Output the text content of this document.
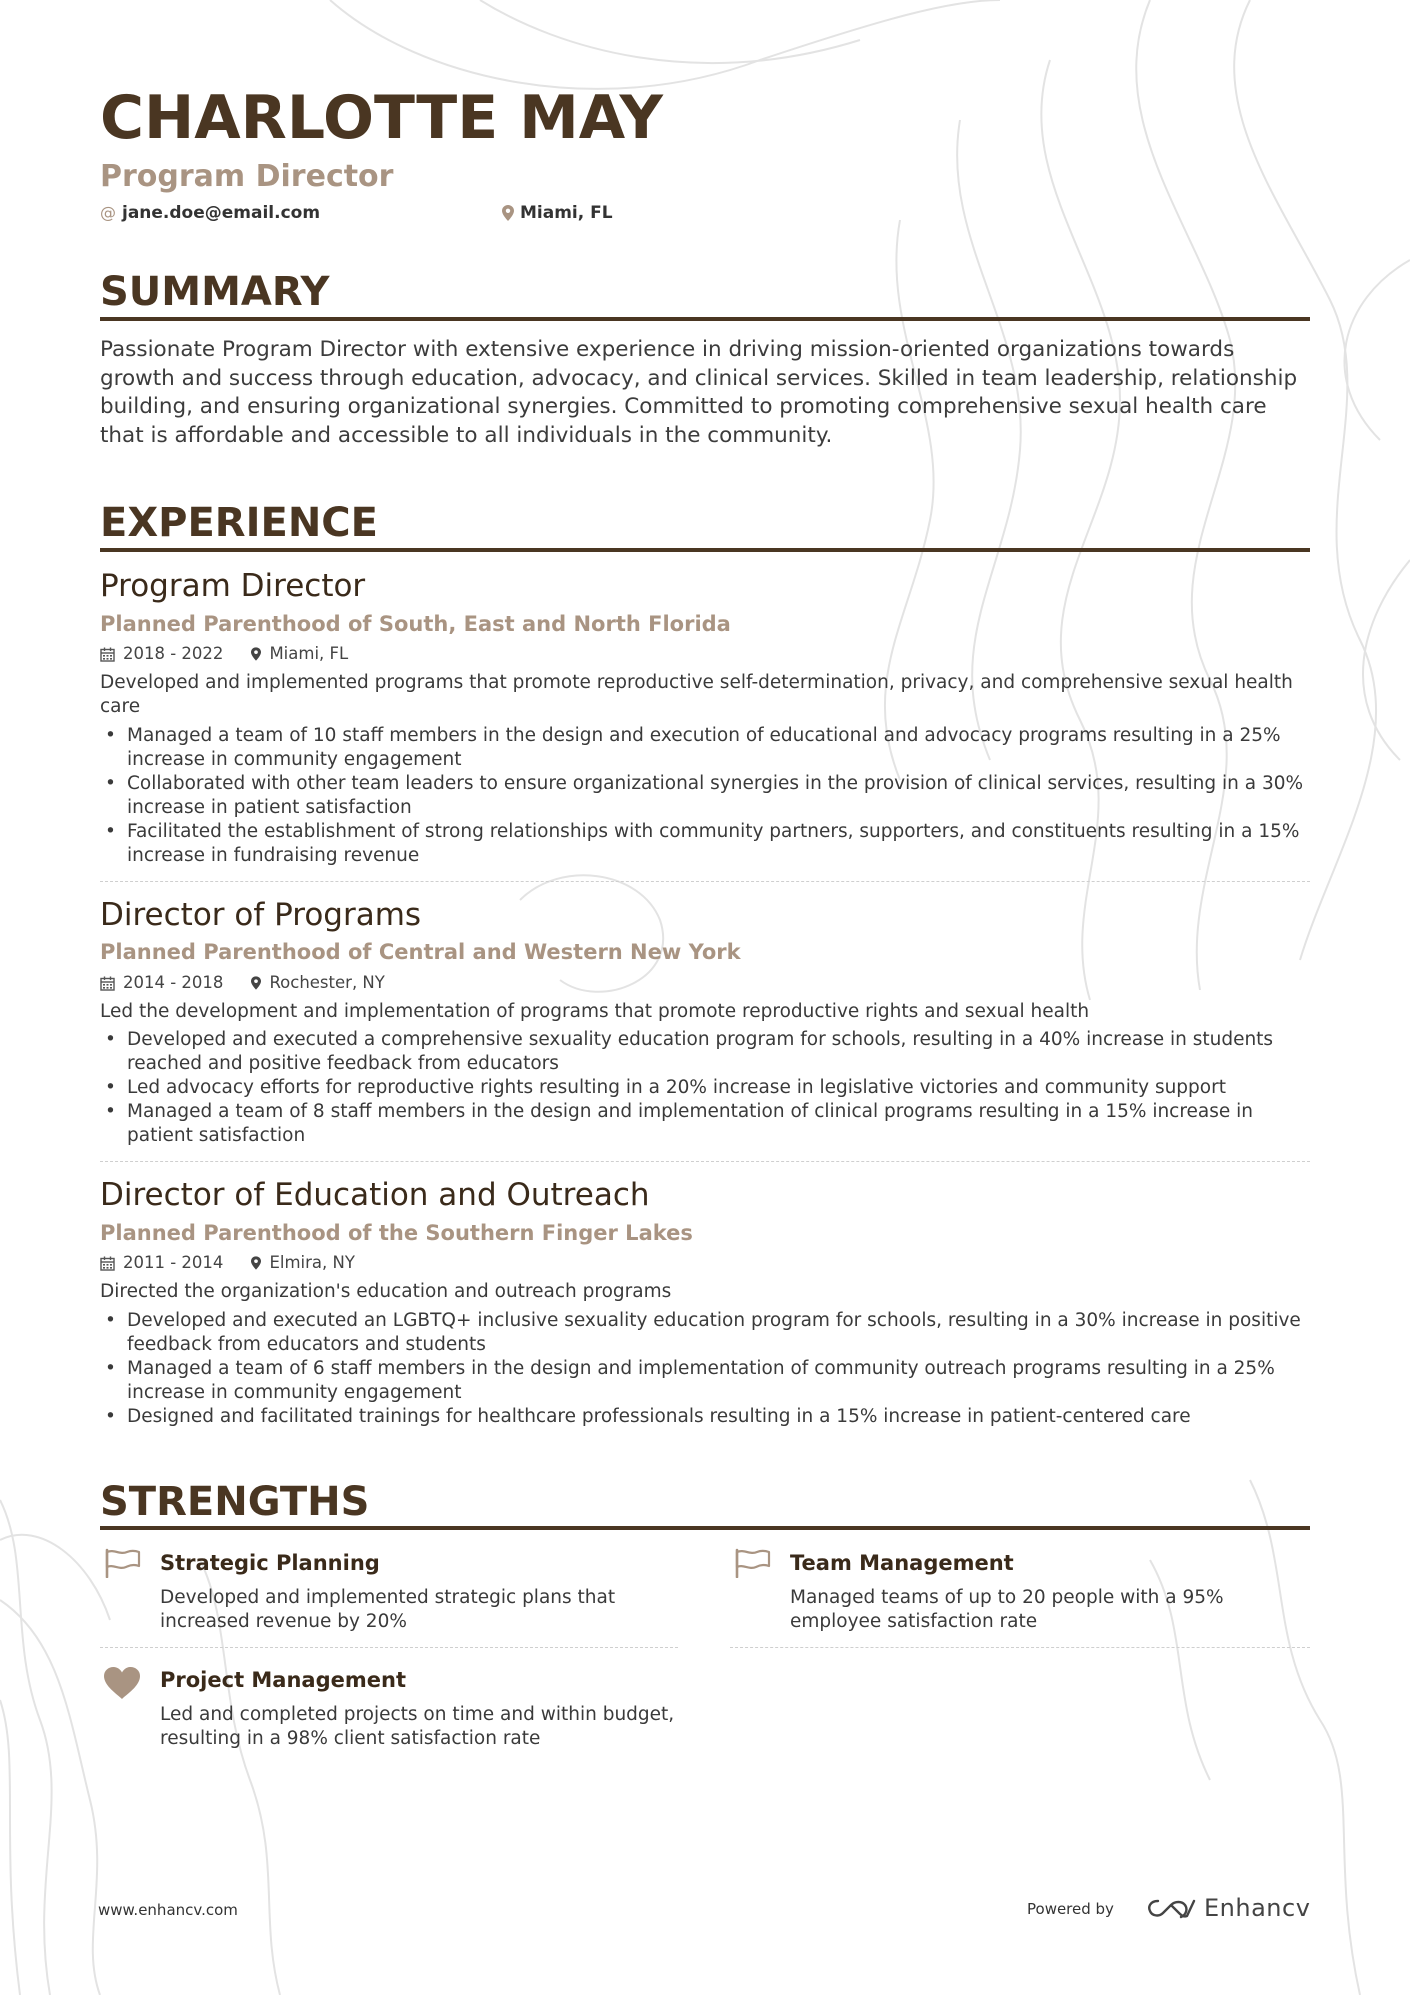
CHARLOTTE MAY
Program Director
@ jane.doe@email.com	Miami, FL
SUMMARY
Passionate Program Director with extensive experience in driving mission-oriented organizations towards growth and success through education, advocacy, and clinical services. Skilled in team leadership, relationship building, and ensuring organizational synergies. Committed to promoting comprehensive sexual health care that is affordable and accessible to all individuals in the community.
EXPERIENCE
Program Director
Planned Parenthood of South, East and North Florida
2018 - 2022	Miami, FL
Developed and implemented programs that promote reproductive self-determination, privacy, and comprehensive sexual health care
• Managed a team of 10 staff members in the design and execution of educational and advocacy programs resulting in a 25% increase in community engagement
• Collaborated with other team leaders to ensure organizational synergies in the provision of clinical services, resulting in a 30% increase in patient satisfaction
• Facilitated the establishment of strong relationships with community partners, supporters, and constituents resulting in a 15% increase in fundraising revenue
Director of Programs
Planned Parenthood of Central and Western New York
2014 - 2018	Rochester, NY
Led the development and implementation of programs that promote reproductive rights and sexual health
• Developed and executed a comprehensive sexuality education program for schools, resulting in a 40% increase in students reached and positive feedback from educators
• Led advocacy efforts for reproductive rights resulting in a 20% increase in legislative victories and community support
• Managed a team of 8 staff members in the design and implementation of clinical programs resulting in a 15% increase in patient satisfaction
Director of Education and Outreach
Planned Parenthood of the Southern Finger Lakes
2011 - 2014	Elmira, NY
Directed the organization's education and outreach programs
• Developed and executed an LGBTQ+ inclusive sexuality education program for schools, resulting in a 30% increase in positive feedback from educators and students
• Managed a team of 6 staff members in the design and implementation of community outreach programs resulting in a 25% increase in community engagement
• Designed and facilitated trainings for healthcare professionals resulting in a 15% increase in patient-centered care
STRENGTHS
Strategic Planning
Developed and implemented strategic plans that increased revenue by 20%
Team Management
Managed teams of up to 20 people with a 95% employee satisfaction rate
Project Management
Led and completed projects on time and within budget, resulting in a 98% client satisfaction rate
www.enhancv.com	Powered by	Enhancv
